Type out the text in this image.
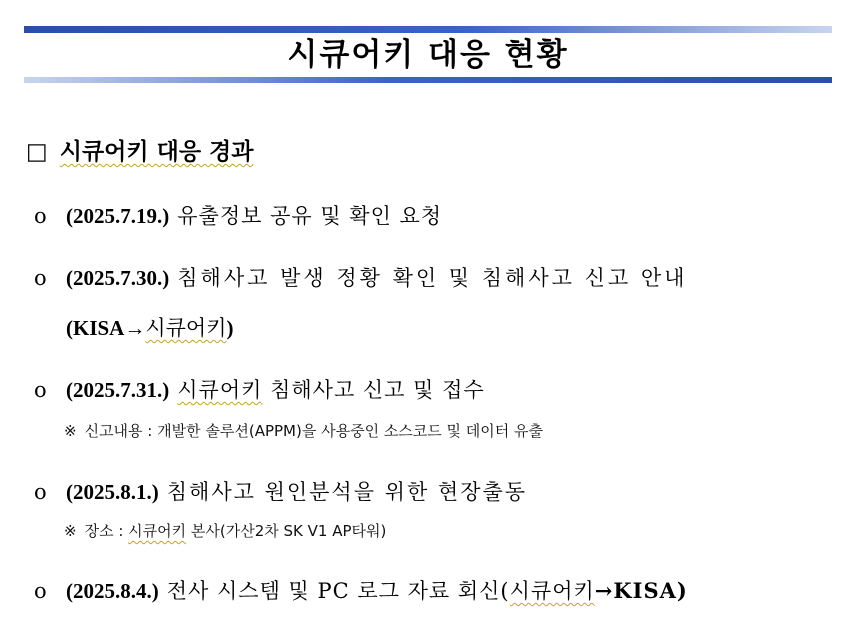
시큐어키 대응 현황
□ 시큐어키 대응 경과
o (2025.7.19.) 유출정보 공유 및 확인 요청
o (2025.7.30.) 침해사고 발생 정황 확인 및 침해사고 신고 안내
(KISA→시큐어키)
o (2025.7.31.) 시큐어키 침해사고 신고 및 접수
※ 신고내용 : 개발한 솔루션(APPM)을 사용중인 소스코드 및 데이터 유출
o (2025.8.1.) 침해사고 원인분석을 위한 현장출동
※ 장소 : 시큐어키 본사(가산2차 SK V1 AP타워)
o (2025.8.4.) 전사 시스템 및 PC 로그 자료 회신(시큐어키→KISA)
